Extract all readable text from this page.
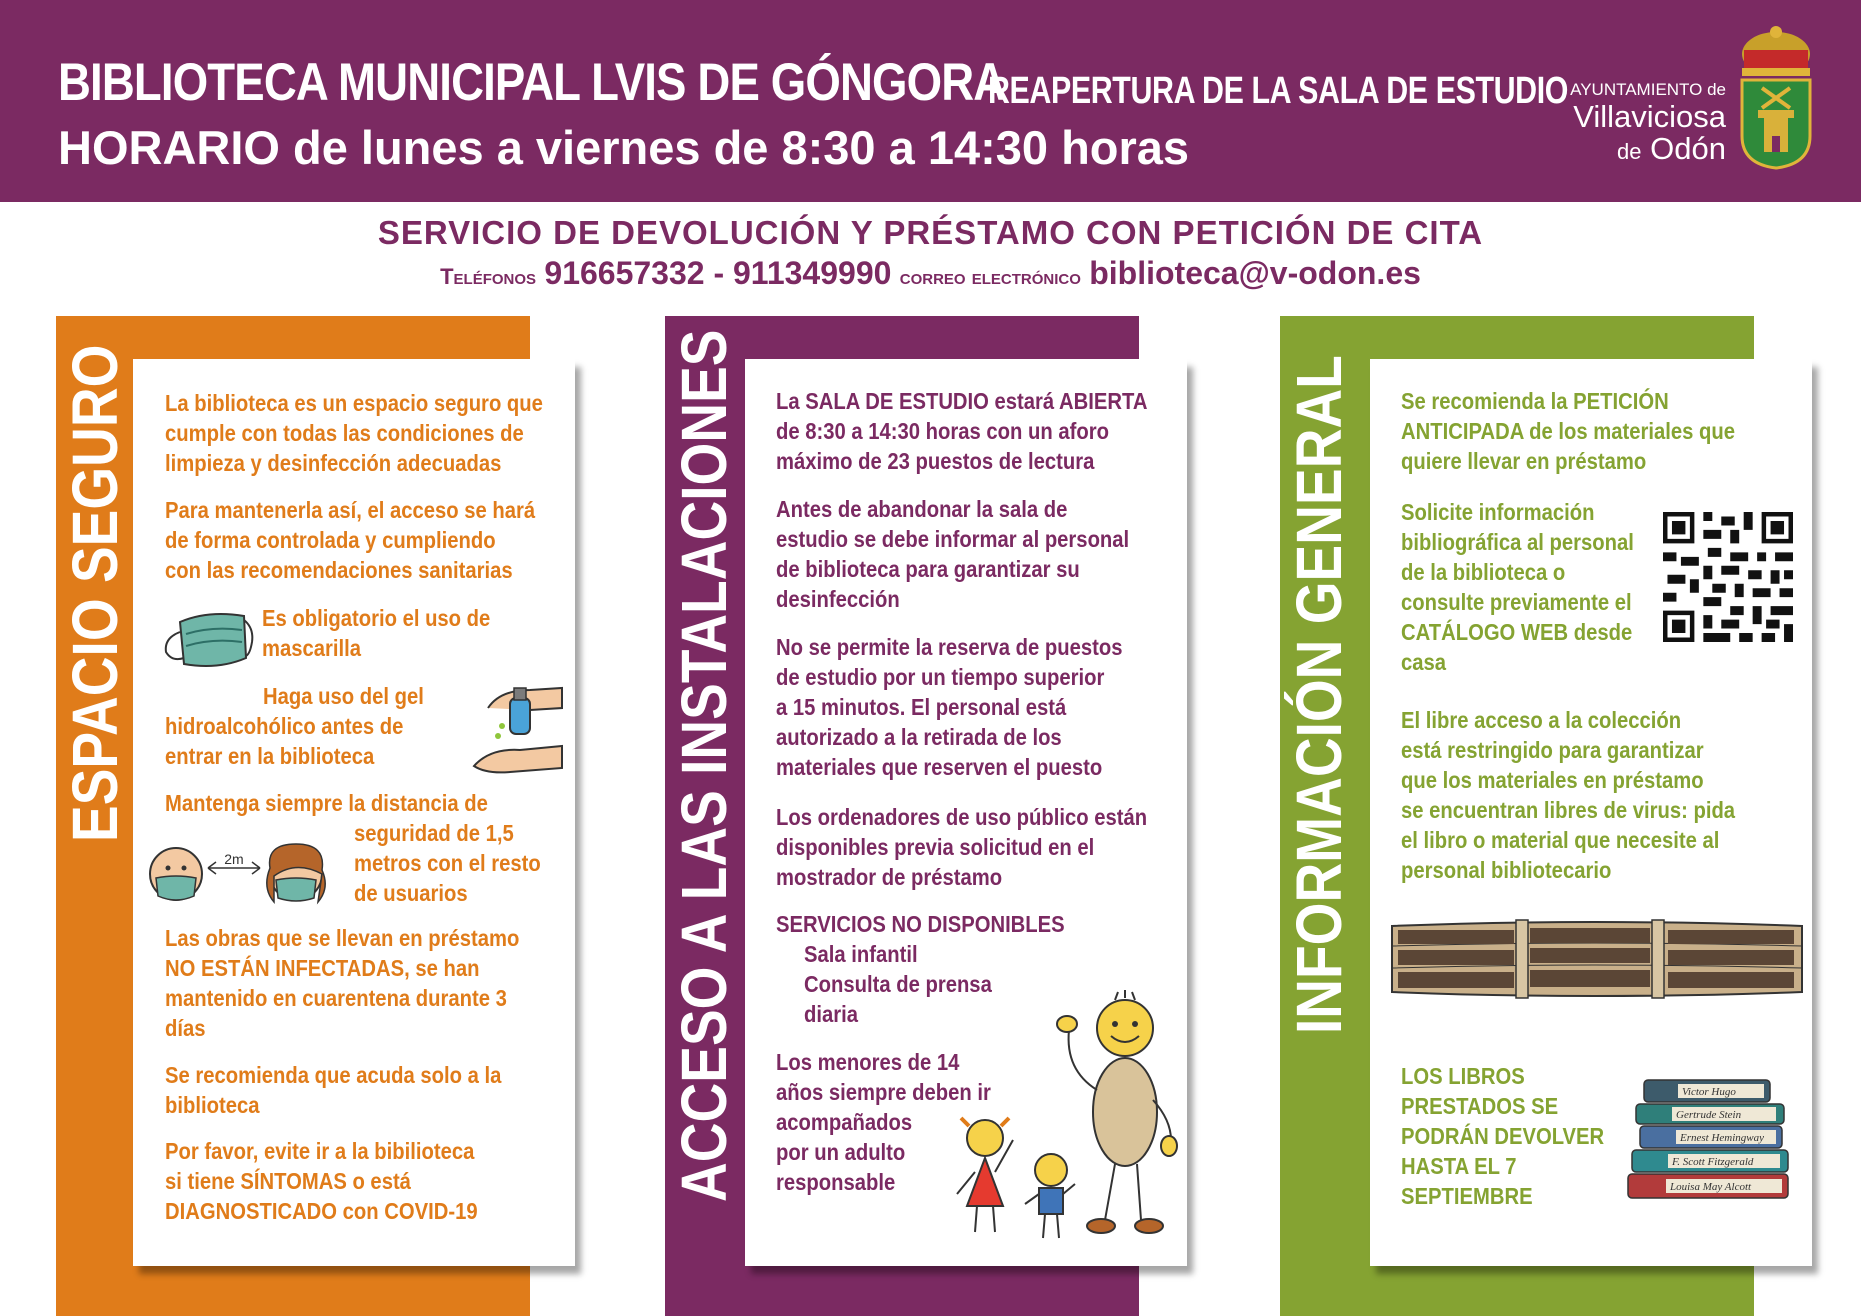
BIBLIOTECA MUNICIPAL LVIS DE GÓNGORA
REAPERTURA DE LA SALA DE ESTUDIO
HORARIO de lunes a viernes de 8:30 a 14:30 horas
AYUNTAMIENTO de
Villaviciosa
de Odón
SERVICIO DE DEVOLUCIÓN Y PRÉSTAMO CON PETICIÓN DE CITA
Teléfonos 916657332 - 911349990 correo electrónico biblioteca@v-odon.es
ESPACIO SEGURO La biblioteca es un espacio seguro que
cumple con todas las condiciones de
limpieza y desinfección adecuadas
Para mantenerla así, el acceso se hará
de forma controlada y cumpliendo
con las recomendaciones sanitarias
Es obligatorio el uso de
mascarilla
Haga uso del gel
hidroalcohólico antes de
entrar en la biblioteca
Mantenga siempre la distancia de
seguridad de 1,5
metros con el resto
de usuarios
2m
Las obras que se llevan en préstamo
NO ESTÁN INFECTADAS, se han
mantenido en cuarentena durante 3
días
Se recomienda que acuda solo a la
biblioteca
Por favor, evite ir a la bibilioteca
si tiene SÍNTOMAS o está
DIAGNOSTICADO con COVID-19
ACCESO A LAS INSTALACIONES La SALA DE ESTUDIO estará ABIERTA
de 8:30 a 14:30 horas con un aforo
máximo de 23 puestos de lectura
Antes de abandonar la sala de
estudio se debe informar al personal
de biblioteca para garantizar su
desinfección
No se permite la reserva de puestos
de estudio por un tiempo superior
a 15 minutos. El personal está
autorizado a la retirada de los
materiales que reserven el puesto
Los ordenadores de uso público están
disponibles previa solicitud en el
mostrador de préstamo
SERVICIOS NO DISPONIBLES
Sala infantil
Consulta de prensa
diaria
Los menores de 14
años siempre deben ir
acompañados
por un adulto
responsable
INFORMACIÓN GENERAL Se recomienda la PETICIÓN
ANTICIPADA de los materiales que
quiere llevar en préstamo
Solicite información
bibliográfica al personal
de la biblioteca o
consulte previamente el
CATÁLOGO WEB desde
casa
El libre acceso a la colección
está restringido para garantizar
que los materiales en préstamo
se encuentran libres de virus: pida
el libro o material que necesite al
personal bibliotecario
LOS LIBROS
PRESTADOS SE
PODRÁN DEVOLVER
HASTA EL 7
SEPTIEMBRE
Victor Hugo
Gertrude Stein
Ernest Hemingway
F. Scott Fitzgerald
Louisa May Alcott
